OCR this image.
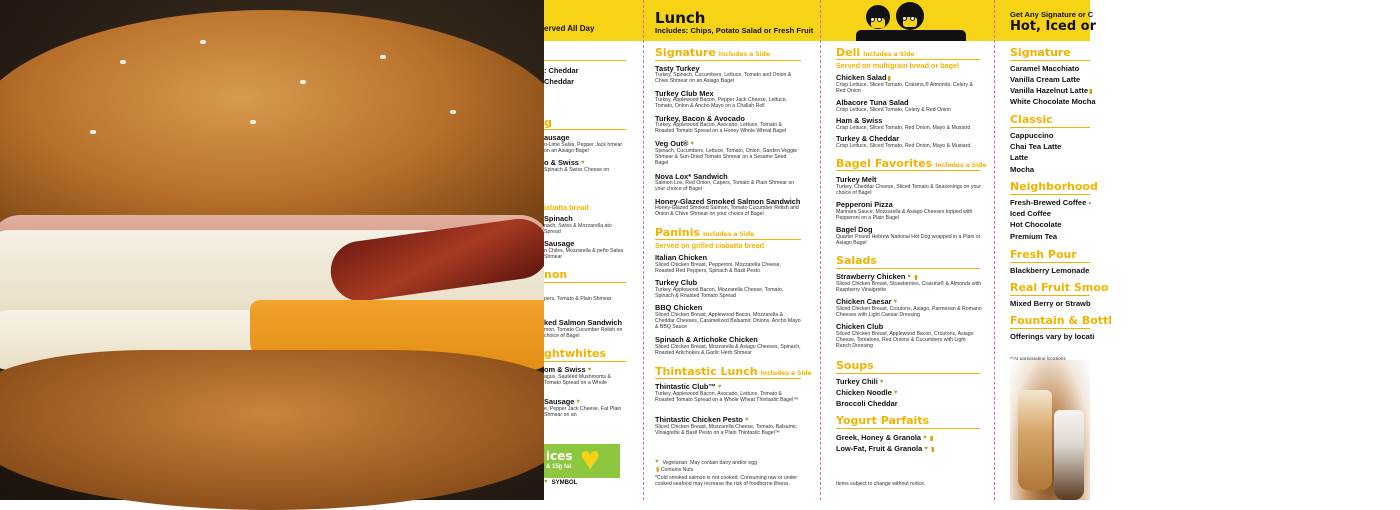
erved All Day
: Cheddar
Cheddar
g
ausage
o-Lime Salsa, Pepper Jack hmear on an Asiago Bagel
o & Swiss ♥
Spinach & Swiss Cheese on
iabatta bread
Spinach
nach, Swiss & Mozzarella ato Spread
Sausage
n Chiles, Mozzarella & peño Salsa Shmear
non
pers, Tomato & Plain Shmear
ked Salmon Sandwich
mon, Tomato Cucumber Relish on choice of Bagel
ghtwhites
om & Swiss ♥
agus, Sautéed Mushrooms & Tomato Spread on a Whole
Sausage ♥
e, Pepper Jack Cheese, Fat Plain Shmear on an
ices
& 15g fat ♥
♥ SYMBOL
Lunch
Includes: Chips, Potato Salad or Fresh Fruit
Signature Includes a Side
Tasty Turkey
Turkey, Spinach, Cucumbers, Lettuce, Tomato and Onion & Chive Shmear on an Asiago Bagel
Turkey Club Mex
Turkey, Applewood Bacon, Pepper Jack Cheese, Lettuce, Tomato, Onion & Ancho Mayo on a Challah Roll
Turkey, Bacon & Avocado
Turkey, Applewood Bacon, Avocado, Lettuce, Tomato & Roasted Tomato Spread on a Honey Whole Wheat Bagel
Veg Out® ♥
Spinach, Cucumbers, Lettuce, Tomato, Onion, Garden Veggie Shmear & Sun-Dried Tomato Shmear on a Sesame Seed Bagel
Nova Lox* Sandwich
Salmon Lox, Red Onion, Capers, Tomato & Plain Shmear on your choice of Bagel
Honey-Glazed Smoked Salmon Sandwich
Honey-Glazed Smoked Salmon, Tomato Cucumber Relish and Onion & Chive Shmear on your choice of Bagel
Paninis Includes a Side
Served on grilled ciabatta bread
Italian Chicken
Sliced Chicken Breast, Pepperoni, Mozzarella Cheese, Roasted Red Peppers, Spinach & Basil Pesto
Turkey Club
Turkey, Applewood Bacon, Mozzarella Cheese, Tomato, Spinach & Roasted Tomato Spread
BBQ Chicken
Sliced Chicken Breast, Applewood Bacon, Mozzarella & Cheddar Cheeses, Caramelized Balsamic Onions, Ancho Mayo & BBQ Sauce
Spinach & Artichoke Chicken
Sliced Chicken Breast, Mozzarella & Asiago Cheeses, Spinach, Roasted Artichokes & Garlic Herb Shmear
Thintastic Lunch Includes a Side
Thintastic Club™ ♥
Turkey, Applewood Bacon, Avocado, Lettuce, Tomato & Roasted Tomato Spread on a Whole Wheat Thintastic Bagel™
Thintastic Chicken Pesto ♥
Sliced Chicken Breast, Mozzarella Cheese, Tomato, Balsamic Vinaigrette & Basil Pesto on a Plain Thintastic Bagel™
♥ Vegetarian: May contain dairy and/or egg
▮ Contains Nuts
*Cold smoked salmon is not cooked. Consuming raw or under cooked seafood may increase the risk of foodborne illness.
Deli Includes a Side
Served on multigrain bread or bagel
Chicken Salad▮
Crisp Lettuce, Sliced Tomato, Craisins,® Almonds, Celery & Red Onion
Albacore Tuna Salad
Crisp Lettuce, Sliced Tomato, Celery & Red Onion
Ham & Swiss
Crisp Lettuce, Sliced Tomato, Red Onion, Mayo & Mustard
Turkey & Cheddar
Crisp Lettuce, Sliced Tomato, Red Onion, Mayo & Mustard
Bagel Favorites Includes a Side
Turkey Melt
Turkey, Cheddar Cheese, Sliced Tomato & Seasonings on your choice of Bagel
Pepperoni Pizza
Marinara Sauce, Mozzarella & Asiago Cheeses topped with Pepperoni on a Plain Bagel
Bagel Dog
Quarter Pound Hebrew National Hot Dog wrapped in a Plain or Asiago Bagel
Salads
Strawberry Chicken ♥ ▮
Sliced Chicken Breast, Strawberries, Craisins® & Almonds with Raspberry Vinaigrette
Chicken Caesar ♥
Sliced Chicken Breast, Croutons, Asiago, Parmesan & Romano Cheeses with Light Caesar Dressing
Chicken Club
Sliced Chicken Breast, Applewood Bacon, Croutons, Asiago Cheese, Tomatoes, Red Onions & Cucumbers with Light Ranch Dressing
Soups
Turkey Chili ♥
Chicken Noodle ♥
Broccoli Cheddar
Yogurt Parfaits
Greek, Honey & Granola ♥ ▮
Low-Fat, Fruit & Granola ♥ ▮
Items subject to change without notice.
Get Any Signature or C
Hot, Iced or
Signature
Caramel Macchiato
Vanilla Cream Latte
Vanilla Hazelnut Latte▮
White Chocolate Mocha
Classic
Cappuccino
Chai Tea Latte
Latte
Mocha
Neighborhood
Fresh-Brewed Coffee -
Iced Coffee
Hot Chocolate
Premium Tea
Fresh Pour
Blackberry Lemonade
Real Fruit Smoo
Mixed Berry or Strawb
Fountain & Bottl
Offerings vary by locati
